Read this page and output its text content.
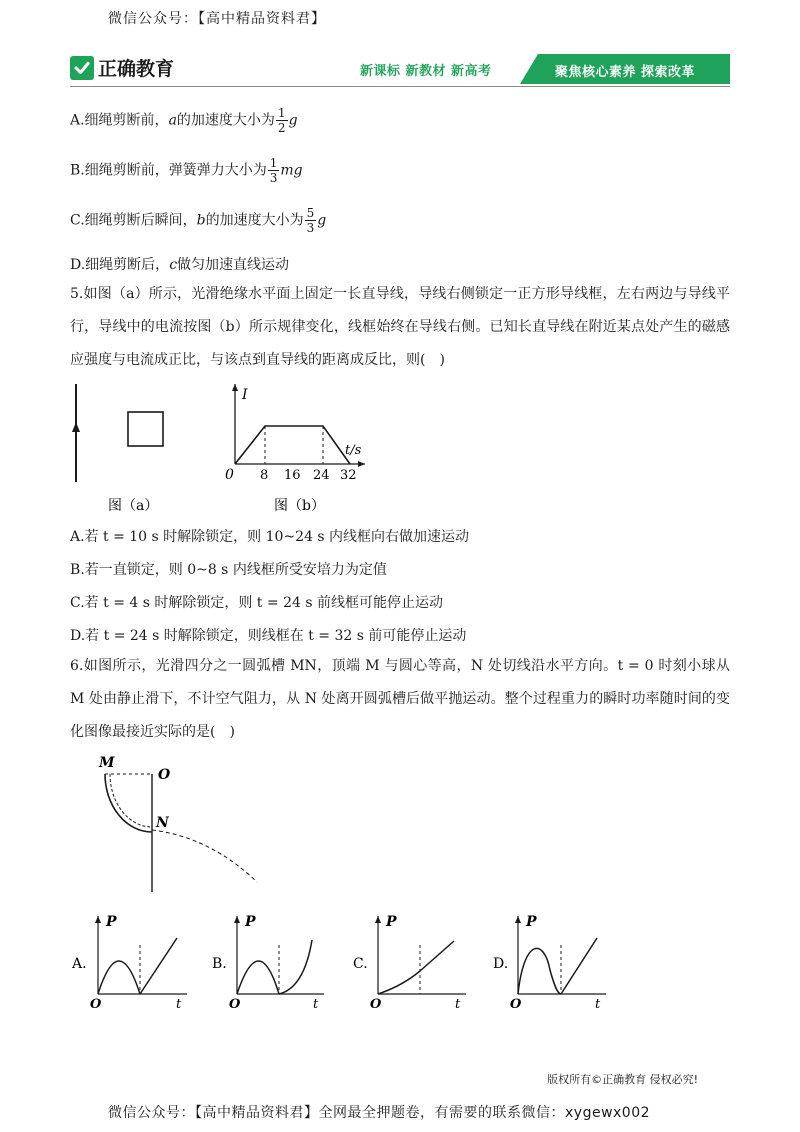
微信公众号：【高中精品资料君】
正确教育	新课标 新教材 新高考	聚焦核心素养 探索改革
A.细绳剪断前，a的加速度大小为 $\frac{1}{2}$ g
B.细绳剪断前，弹簧弹力大小为 $\frac{1}{3}$ mg
C.细绳剪断后瞬间，b的加速度大小为 $\frac{5}{3}$ g
D.细绳剪断后，c做匀加速直线运动
5.如图（a）所示，光滑绝缘水平面上固定一长直导线，导线右侧锁定一正方形导线框，左右两边与导线平行，导线中的电流按图（b）所示规律变化，线框始终在导线右侧。已知长直导线在附近某点处产生的磁感应强度与电流成正比，与该点到直导线的距离成反比，则(　)
图（a）
I
t/s
0 8 16 24 32
图（b）
A.若 t = 10 s 时解除锁定，则 10~24 s 内线框向右做加速运动
B.若一直锁定，则 0~8 s 内线框所受安培力为定值
C.若 t = 4 s 时解除锁定，则 t = 24 s 前线框可能停止运动
D.若 t = 24 s 时解除锁定，则线框在 t = 32 s 前可能停止运动
6.如图所示，光滑四分之一圆弧槽 MN，顶端 M 与圆心等高，N 处切线沿水平方向。t = 0 时刻小球从 M 处由静止滑下，不计空气阻力，从 N 处离开圆弧槽后做平抛运动。整个过程重力的瞬时功率随时间的变化图像最接近实际的是(　)
M
O
N
A.
P
t
O
B.
P
t
O
C.
P
t
O
D.
P
t
O
版权所有©正确教育 侵权必究!
微信公众号：【高中精品资料君】全网最全押题卷，有需要的联系微信：xygewx002
